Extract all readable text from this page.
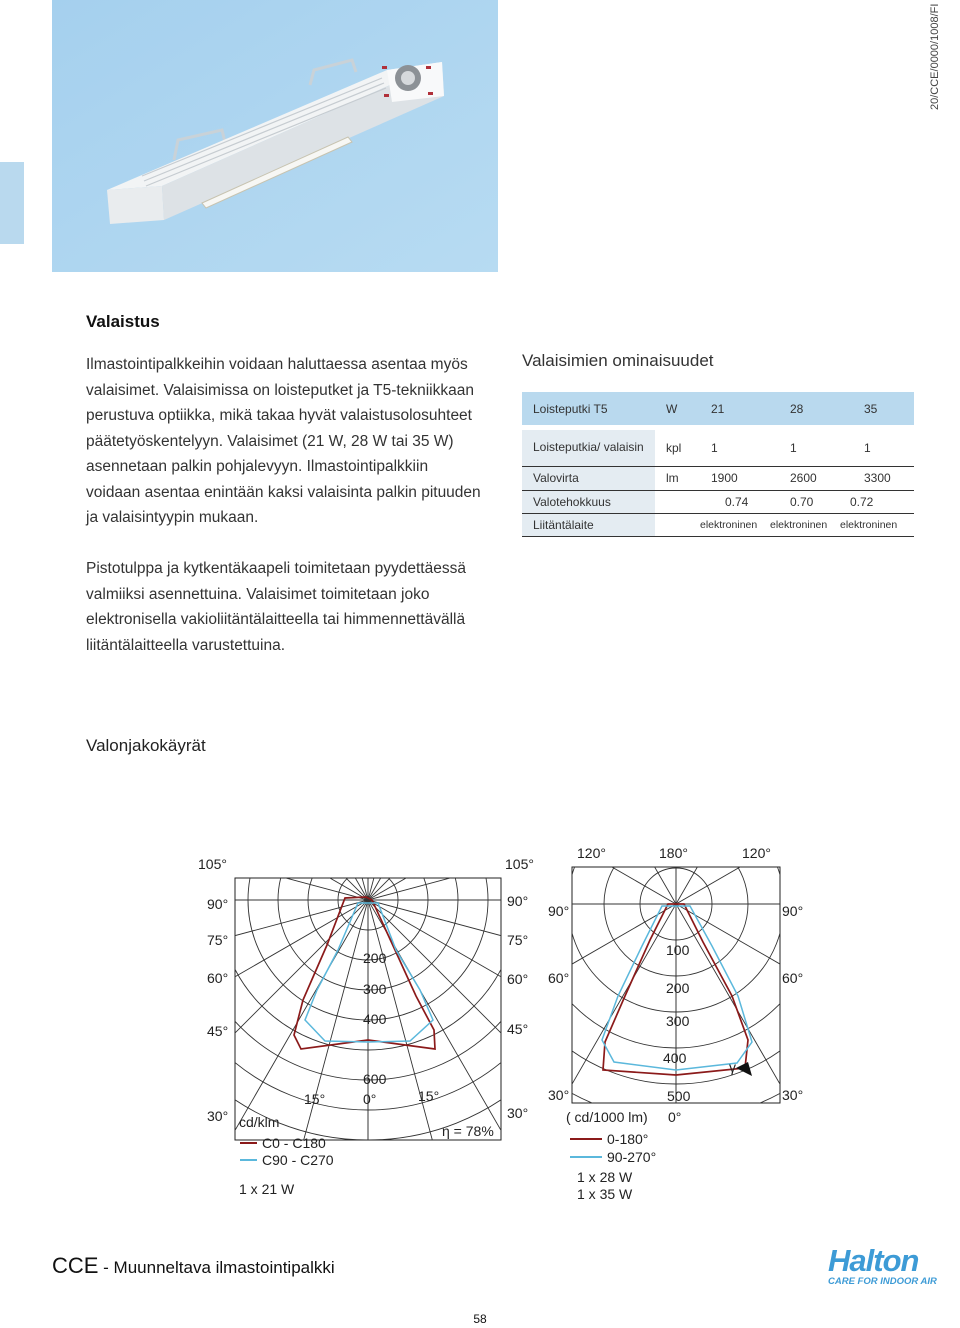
20/CCE/0000/1008/FI
Valaistus
Ilmastointipalkkeihin voidaan haluttaessa asentaa myös valaisimet. Valaisimissa on loisteputket ja T5-tekniikkaan perustuva optiikka, mikä takaa hyvät valaistusolosuhteet päätetyöskentelyyn. Valaisimet (21 W, 28 W tai 35 W) asennetaan palkin pohjalevyyn. Ilmastointipalkkiin voidaan asentaa enintään kaksi valaisinta palkin pituuden ja valaisintyypin mukaan.
Pistotulppa ja kytkentäkaapeli toimitetaan pyydettäessä valmiiksi asennettuina. Valaisimet toimitetaan joko elektronisella vakioliitäntälaitteella tai himmennettävällä liitäntälaitteella varustettuina.
Valaisimien ominaisuudet
Loisteputki T5	W	21	28	35

Loisteputkia/ valaisin	kpl	1	1	1
Valovirta	lm	1900	2600	3300
Valotehokkuus		0.74	0.70	0.72
Liitäntälaite		elektroninen	elektroninen	elektroninen
Valonjakokäyrät
105°	105°
90°	90°
75°	75°
60°	60°
45°	45°
30°	30°
15°	0°	15°
200
300
400
600
cd/klm
η = 78%
C0 - C180
C90 - C270
1 x 21 W
120°	180°	120°
90°	90°
60°	60°
30°	30°
0°
100
200
300
400
500
γ
( cd/1000 lm)
0-180°
90-270°
1 x 28 W
1 x 35 W
CCE - Muunneltava ilmastointipalkki	Halton
CARE FOR INDOOR AIR
58
